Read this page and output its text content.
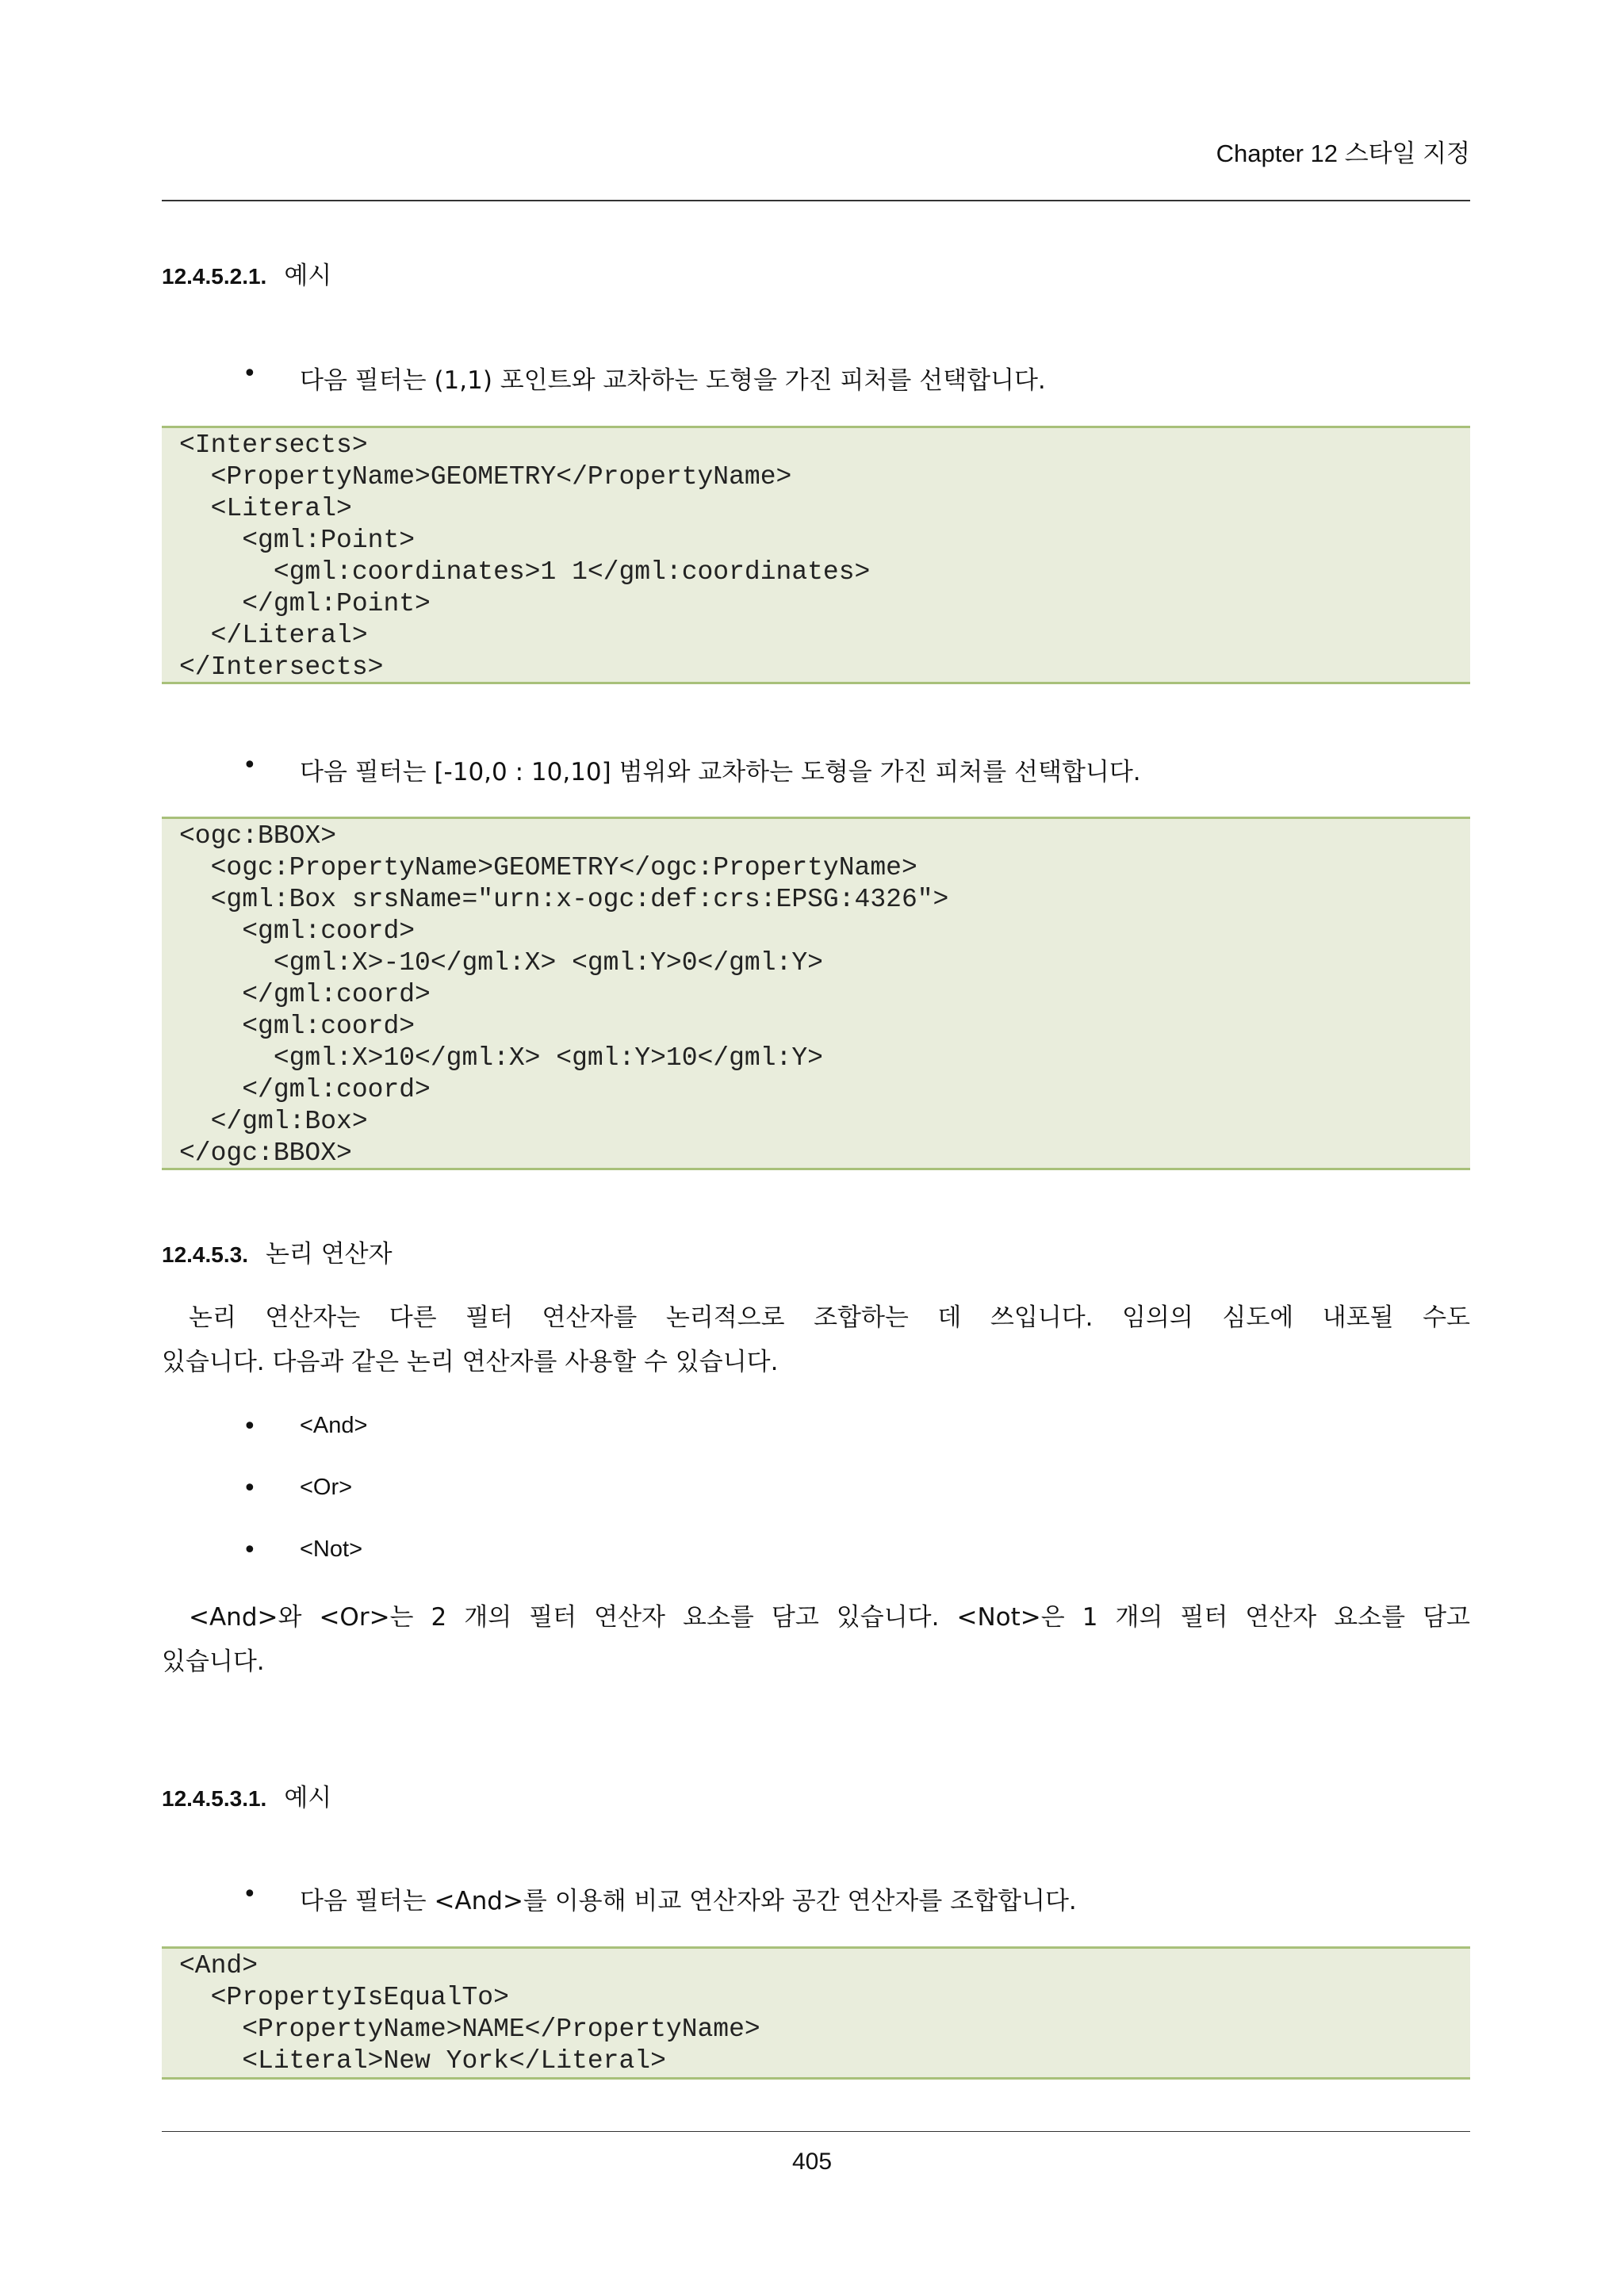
Chapter 12 스타일 지정
12.4.5.2.1. 예시
• 다음 필터는 (1,1) 포인트와 교차하는 도형을 가진 피처를 선택합니다.
<Intersects>
<PropertyName>GEOMETRY</PropertyName>
<Literal>
<gml:Point>
<gml:coordinates>1 1</gml:coordinates>
</gml:Point>
</Literal>
</Intersects>
• 다음 필터는 [-10,0 : 10,10] 범위와 교차하는 도형을 가진 피처를 선택합니다.
<ogc:BBOX>
<ogc:PropertyName>GEOMETRY</ogc:PropertyName>
<gml:Box srsName="urn:x-ogc:def:crs:EPSG:4326">
<gml:coord>
<gml:X>-10</gml:X> <gml:Y>0</gml:Y>
</gml:coord>
<gml:coord>
<gml:X>10</gml:X> <gml:Y>10</gml:Y>
</gml:coord>
</gml:Box>
</ogc:BBOX>
12.4.5.3. 논리 연산자
논리 연산자는 다른 필터 연산자를 논리적으로 조합하는 데 쓰입니다. 임의의 심도에 내포될 수도
있습니다. 다음과 같은 논리 연산자를 사용할 수 있습니다.
• <And>
• <Or>
• <Not>
<And>와 <Or>는 2 개의 필터 연산자 요소를 담고 있습니다. <Not>은 1 개의 필터 연산자 요소를 담고
있습니다.
12.4.5.3.1. 예시
• 다음 필터는 <And>를 이용해 비교 연산자와 공간 연산자를 조합합니다.
<And>
<PropertyIsEqualTo>
<PropertyName>NAME</PropertyName>
<Literal>New York</Literal>
405
